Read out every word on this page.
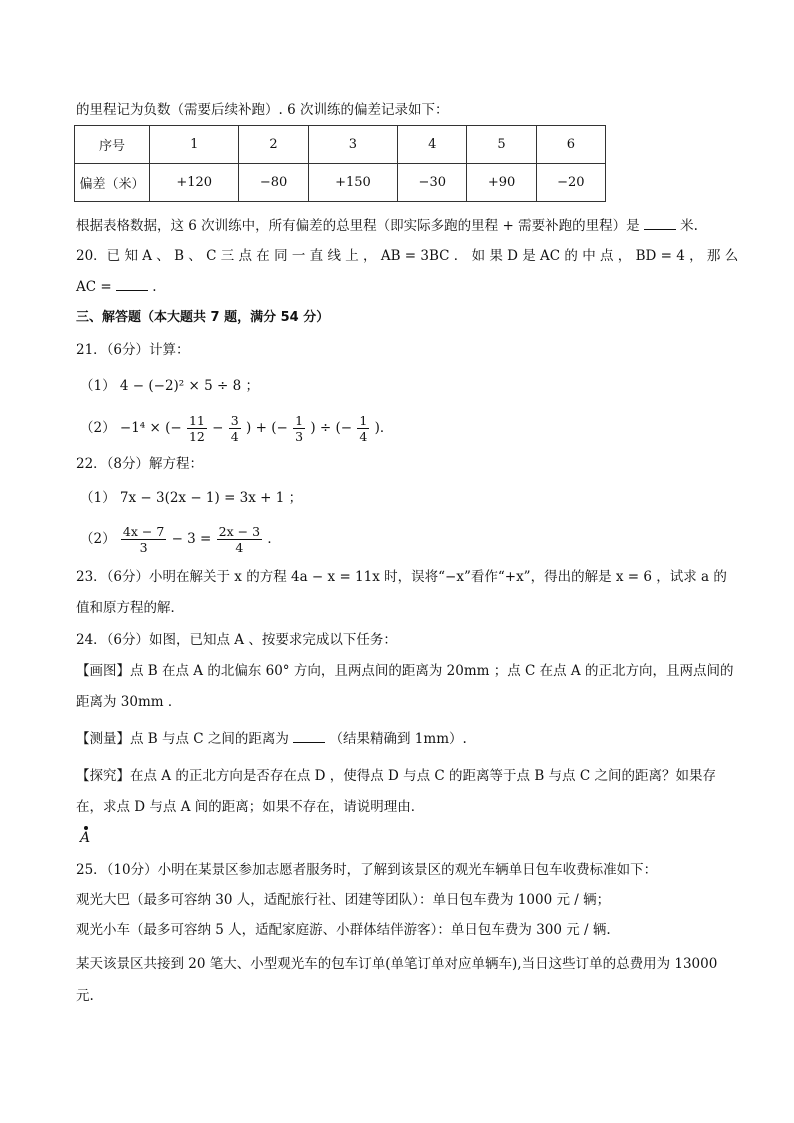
的里程记为负数（需要后续补跑）. 6 次训练的偏差记录如下：
序号	1	2	3	4	5	6
偏差（米）	+120	−80	+150	−30	+90	−20
根据表格数据，这 6 次训练中，所有偏差的总里程（即实际多跑的里程 + 需要补跑的里程）是	米.
20．已 知 A 、 B 、 C 三 点 在 同 一 直 线 上 ， AB = 3BC ． 如 果 D 是 AC 的 中 点 ， BD = 4 ， 那 么
AC =	.
三、解答题（本大题共 7 题，满分 54 分）
21．（6分）计算：
（1） 4 − (−2)² × 5 ÷ 8 ；
（2） −1⁴ × (− $\frac{11}{12} - \frac{3}{4}$ ) + (− $\frac{1}{3}$ ) ÷ (− $\frac{1}{4}$ )．
22．（8分）解方程：
（1） 7x − 3(2x − 1) = 3x + 1 ；
$(2) \frac{4x - 7}{3} - 3 = \frac{2x - 3}{4}$ ．
23．（6分）小明在解关于 x 的方程 4a − x = 11x 时，误将“−x”看作“+x”，得出的解是 x = 6 ，试求 a 的
值和原方程的解．
24．（6分）如图，已知点 A 、按要求完成以下任务：
【画图】点 B 在点 A 的北偏东 60° 方向，且两点间的距离为 20mm ；点 C 在点 A 的正北方向，且两点间的
距离为 30mm ．
【测量】点 B 与点 C 之间的距离为	（结果精确到 1mm）.
【探究】在点 A 的正北方向是否存在点 D ，使得点 D 与点 C 的距离等于点 B 与点 C 之间的距离？如果存
在，求点 D 与点 A 间的距离；如果不存在，请说明理由．
A
25．（10分）小明在某景区参加志愿者服务时，了解到该景区的观光车辆单日包车收费标准如下：
观光大巴（最多可容纳 30 人，适配旅行社、团建等团队）：单日包车费为 1000 元 / 辆；
观光小车（最多可容纳 5 人，适配家庭游、小群体结伴游客）：单日包车费为 300 元 / 辆.
某天该景区共接到 20 笔大、小型观光车的包车订单(单笔订单对应单辆车),当日这些订单的总费用为 13000
元.
